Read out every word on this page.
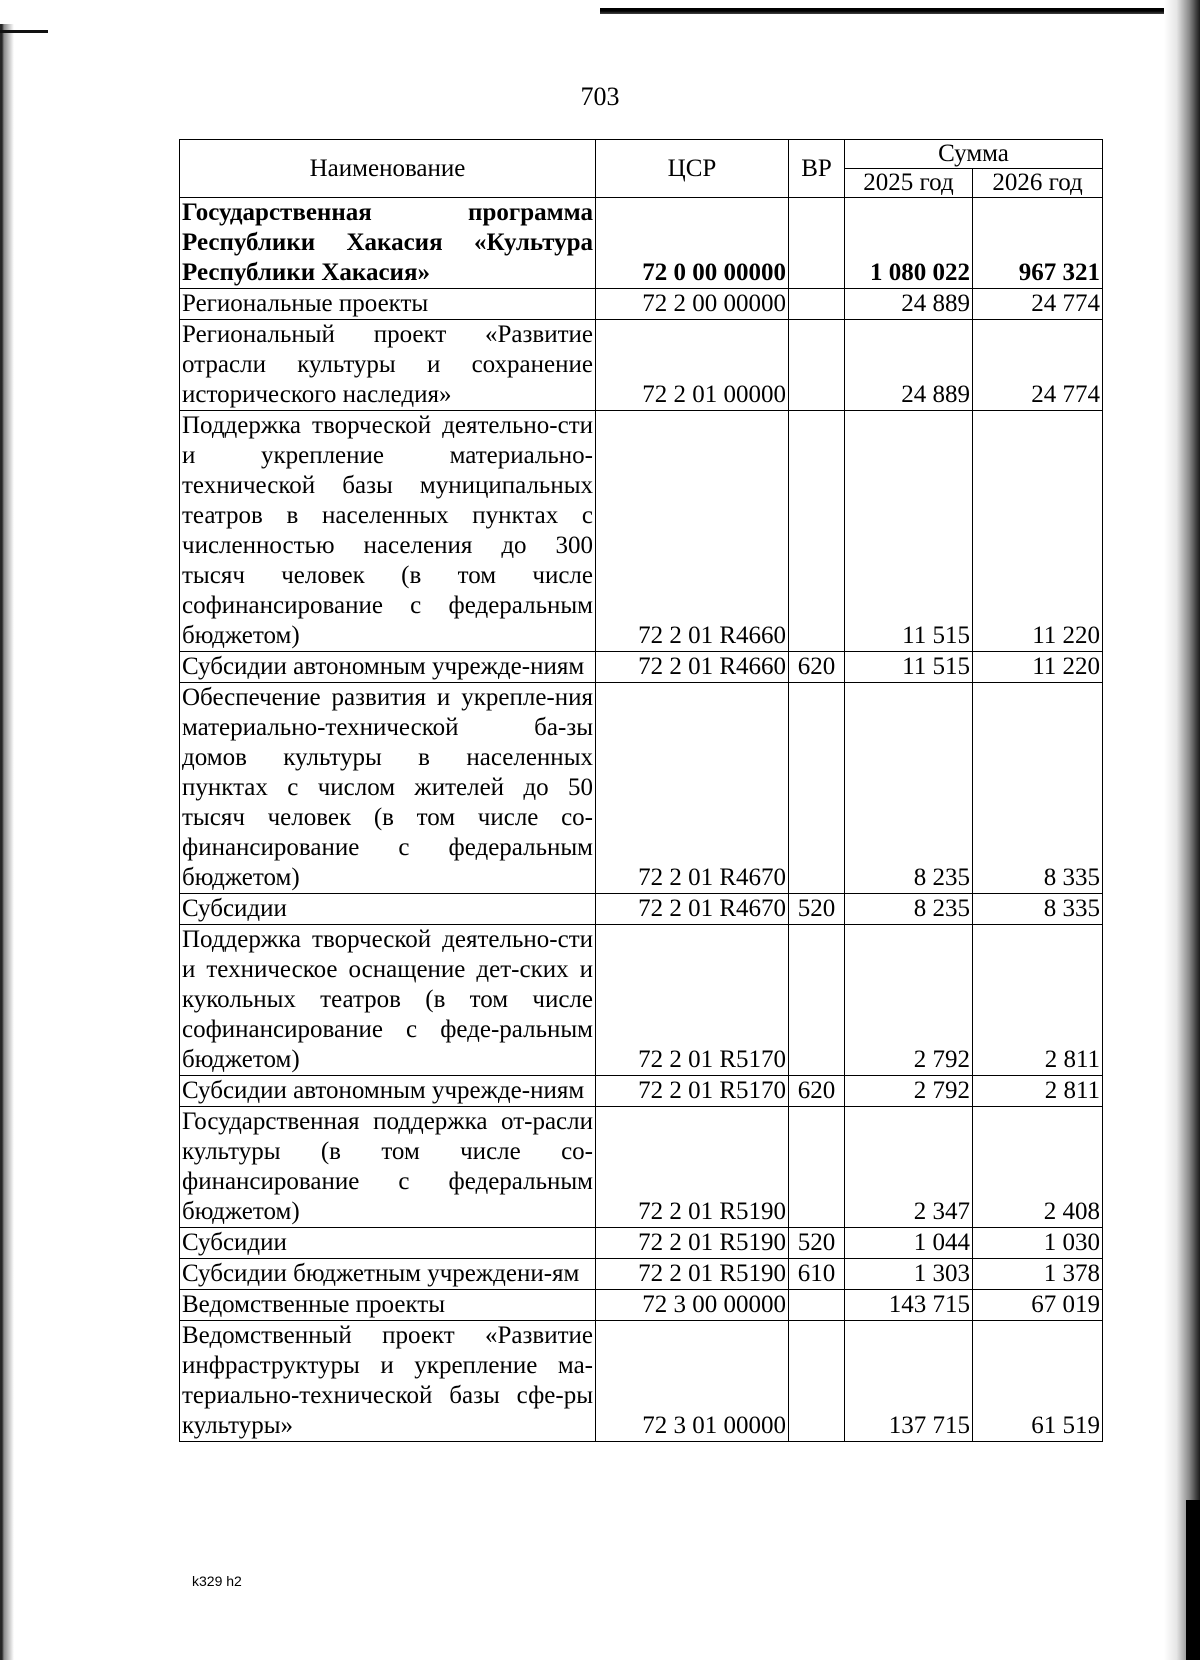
703
Наименование	ЦСР	ВР	Сумма	
			2025 год	2026 год
Государственная программа Республики Хакасия «Культура Республики Хакасия»	72 0 00 00000		1 080 022	967 321
Региональные проекты	72 2 00 00000		24 889	24 774
Региональный проект «Развитие отрасли культуры и сохранение исторического наследия»	72 2 01 00000		24 889	24 774
Поддержка творческой деятельно-сти и укрепление материально-технической базы муниципальных театров в населенных пунктах с численностью населения до 300 тысяч человек (в том числе софинансирование с федеральным бюджетом)	72 2 01 R4660		11 515	11 220
Субсидии автономным учрежде-ниям	72 2 01 R4660	620	11 515	11 220
Обеспечение развития и укрепле-ния материально-технической ба-зы домов культуры в населенных пунктах с числом жителей до 50 тысяч человек (в том числе со-финансирование с федеральным бюджетом)	72 2 01 R4670		8 235	8 335
Субсидии	72 2 01 R4670	520	8 235	8 335
Поддержка творческой деятельно-сти и техническое оснащение дет-ских и кукольных театров (в том числе софинансирование с феде-ральным бюджетом)	72 2 01 R5170		2 792	2 811
Субсидии автономным учрежде-ниям	72 2 01 R5170	620	2 792	2 811
Государственная поддержка от-расли культуры (в том числе со-финансирование с федеральным бюджетом)	72 2 01 R5190		2 347	2 408
Субсидии	72 2 01 R5190	520	1 044	1 030
Субсидии бюджетным учреждени-ям	72 2 01 R5190	610	1 303	1 378
Ведомственные проекты	72 3 00 00000		143 715	67 019
Ведомственный проект «Развитие инфраструктуры и укрепление ма-териально-технической базы сфе-ры культуры»	72 3 01 00000		137 715	61 519
k329 h2
